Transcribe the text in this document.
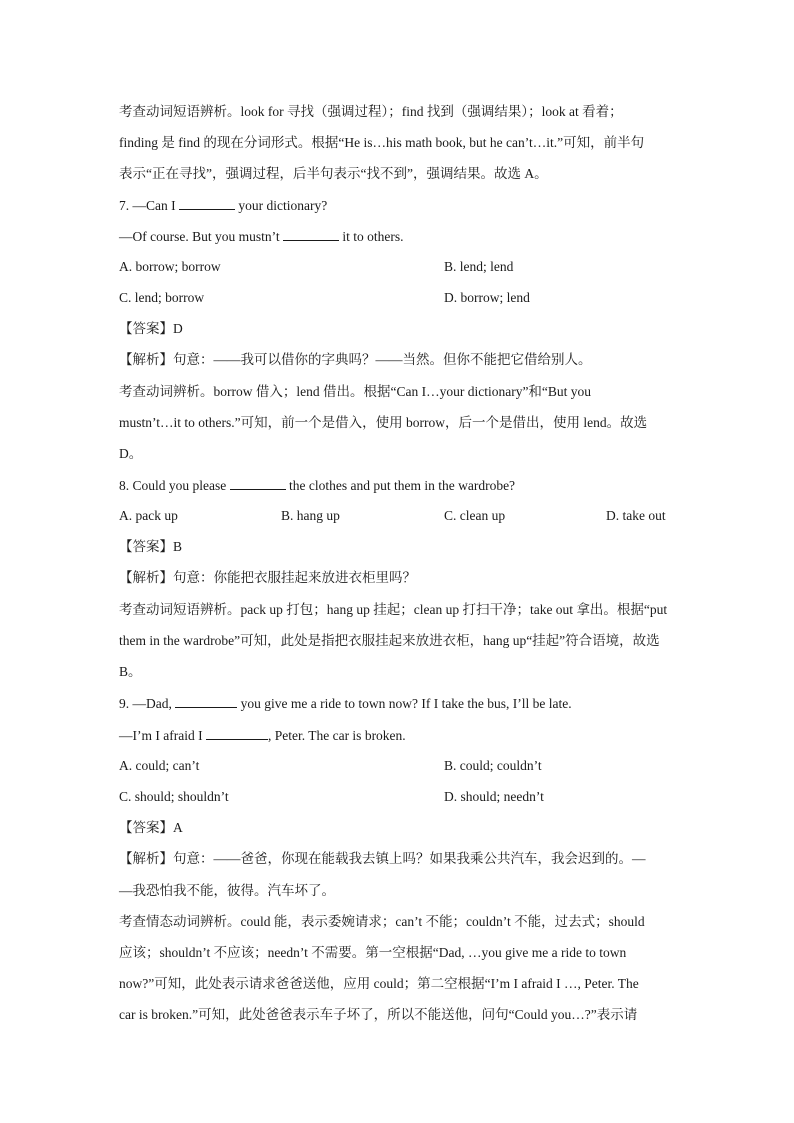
考查动词短语辨析。look for 寻找（强调过程）；find 找到（强调结果）；look at 看着；
finding 是 find 的现在分词形式。根据“He is…his math book, but he can’t…it.”可知，前半句
表示“正在寻找”，强调过程，后半句表示“找不到”，强调结果。故选 A。
7. —Can I	your dictionary?
—Of course. But you mustn’t	it to others.
A. borrow; borrow	B. lend; lend
C. lend; borrow	D. borrow; lend
【答案】D
【解析】句意：——我可以借你的字典吗？——当然。但你不能把它借给别人。
考查动词辨析。borrow 借入；lend 借出。根据“Can I…your dictionary”和“But you
mustn’t…it to others.”可知，前一个是借入，使用 borrow，后一个是借出，使用 lend。故选
D。
8. Could you please	the clothes and put them in the wardrobe?
A. pack up	B. hang up	C. clean up	D. take out
【答案】B
【解析】句意：你能把衣服挂起来放进衣柜里吗？
考查动词短语辨析。pack up 打包；hang up 挂起；clean up 打扫干净；take out 拿出。根据“put
them in the wardrobe”可知，此处是指把衣服挂起来放进衣柜，hang up“挂起”符合语境，故选
B。
9. —Dad,	you give me a ride to town now? If I take the bus, I’ll be late.
—I’m I afraid I	, Peter. The car is broken.
A. could; can’t	B. could; couldn’t
C. should; shouldn’t	D. should; needn’t
【答案】A
【解析】句意：——爸爸，你现在能载我去镇上吗？如果我乘公共汽车，我会迟到的。—
—我恐怕我不能，彼得。汽车坏了。
考查情态动词辨析。could 能，表示委婉请求；can’t 不能；couldn’t 不能，过去式；should
应该；shouldn’t 不应该；needn’t 不需要。第一空根据“Dad, …you give me a ride to town
now?”可知，此处表示请求爸爸送他，应用 could；第二空根据“I’m I afraid I …, Peter. The
car is broken.”可知，此处爸爸表示车子坏了，所以不能送他，问句“Could you…?”表示请
